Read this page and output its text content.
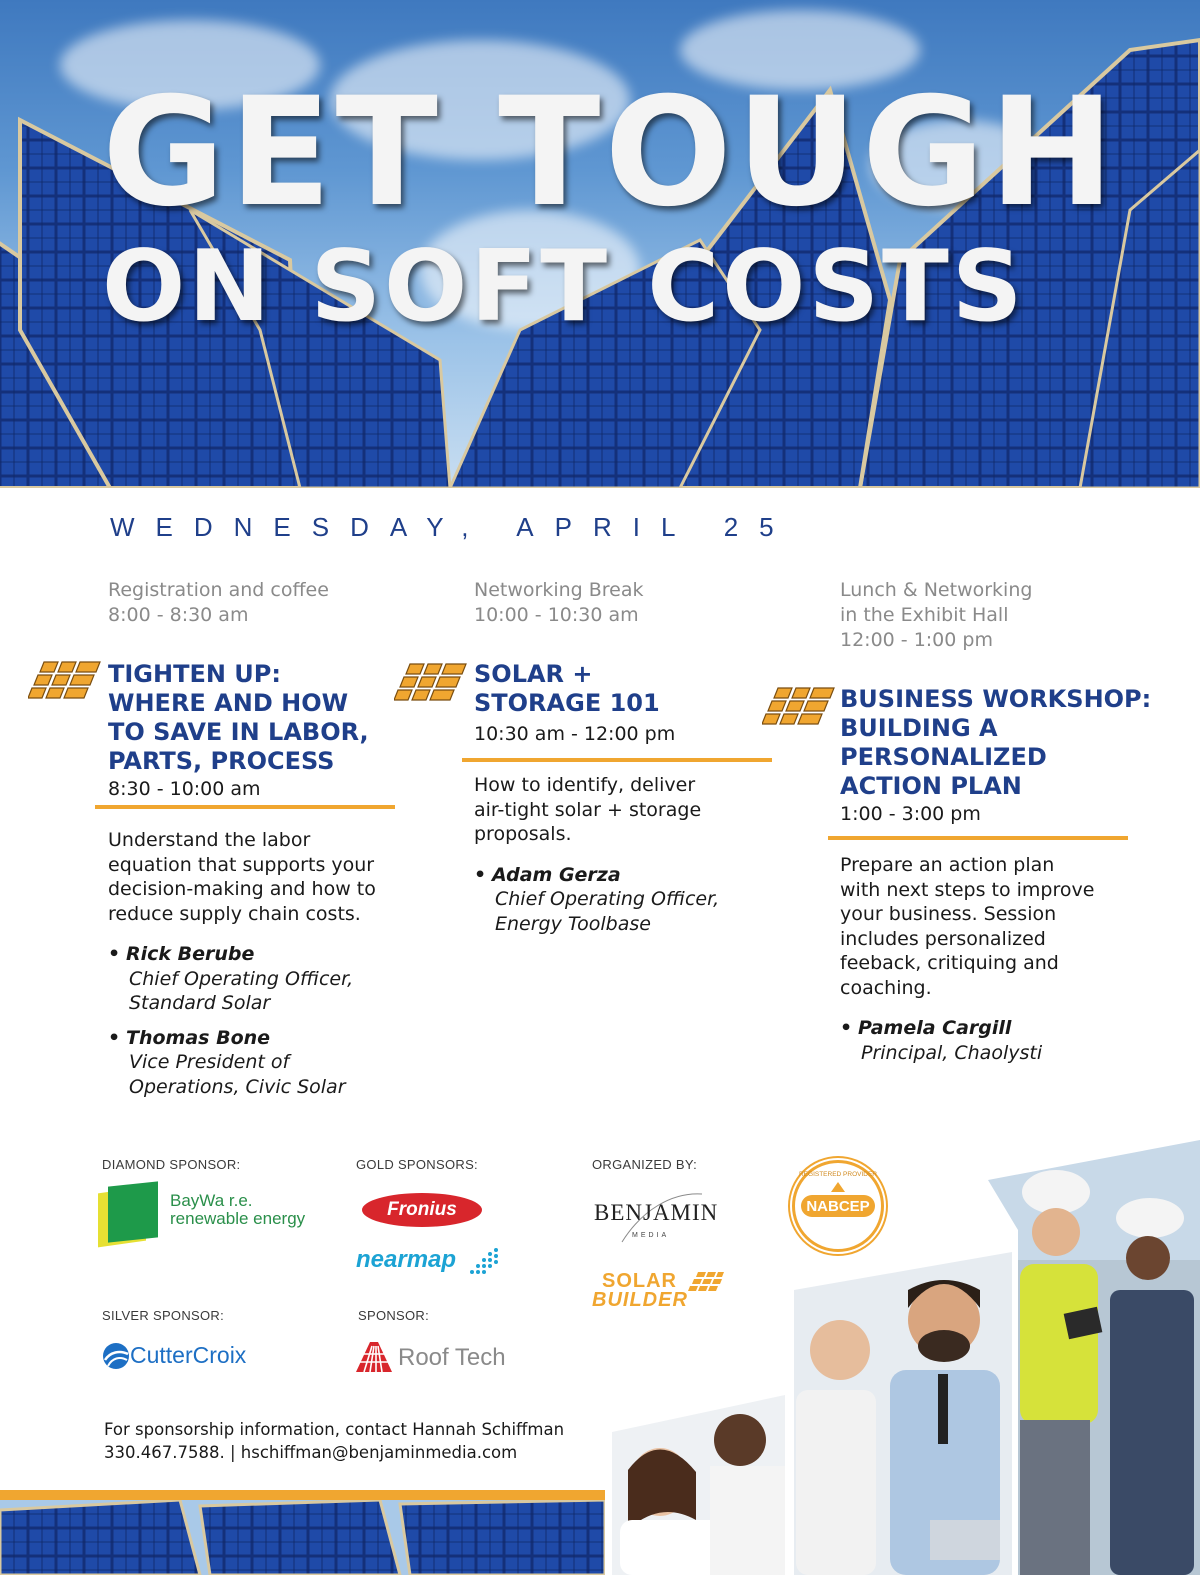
GET TOUGH
ON SOFT COSTS

WEDNESDAY, APRIL 25

Registration and coffee

8:00 - 8:30 am

TIGHTEN UP:
WHERE AND HOW
TO SAVE IN LABOR,
PARTS, PROCESS

8:30 - 10:00 am

Understand the labor
equation that supports your
decision-making and how to
reduce supply chain costs.
• Rick Berube
Chief Operating Officer,
Standard Solar
• Thomas Bone
Vice President of
Operations, Civic Solar

Networking Break

10:00 - 10:30 am

SOLAR +
STORAGE 101

10:30 am - 12:00 pm

How to identify, deliver
air-tight solar + storage
proposals.
• Adam Gerza
Chief Operating Officer,
Energy Toolbase

Lunch & Networking

in the Exhibit Hall

12:00 - 1:00 pm

BUSINESS WORKSHOP:
BUILDING A
PERSONALIZED
ACTION PLAN

1:00 - 3:00 pm

Prepare an action plan
with next steps to improve
your business. Session
includes personalized
feeback, critiquing and
coaching.
• Pamela Cargill
Principal, Chaolysti

DIAMOND SPONSOR:	GOLD SPONSORS:	ORGANIZED BY:

SILVER SPONSOR:	SPONSOR:

BayWa r.e.
renewable energy	Fronius
nearmap
BENJAMIN
MEDIA
REGISTERED PROVIDER
NABCEP
SOLAR
BUILDER
CutterCroix	Roof Tech

For sponsorship information, contact Hannah Schiffman

330.467.7588. | hschiffman@benjaminmedia.com
